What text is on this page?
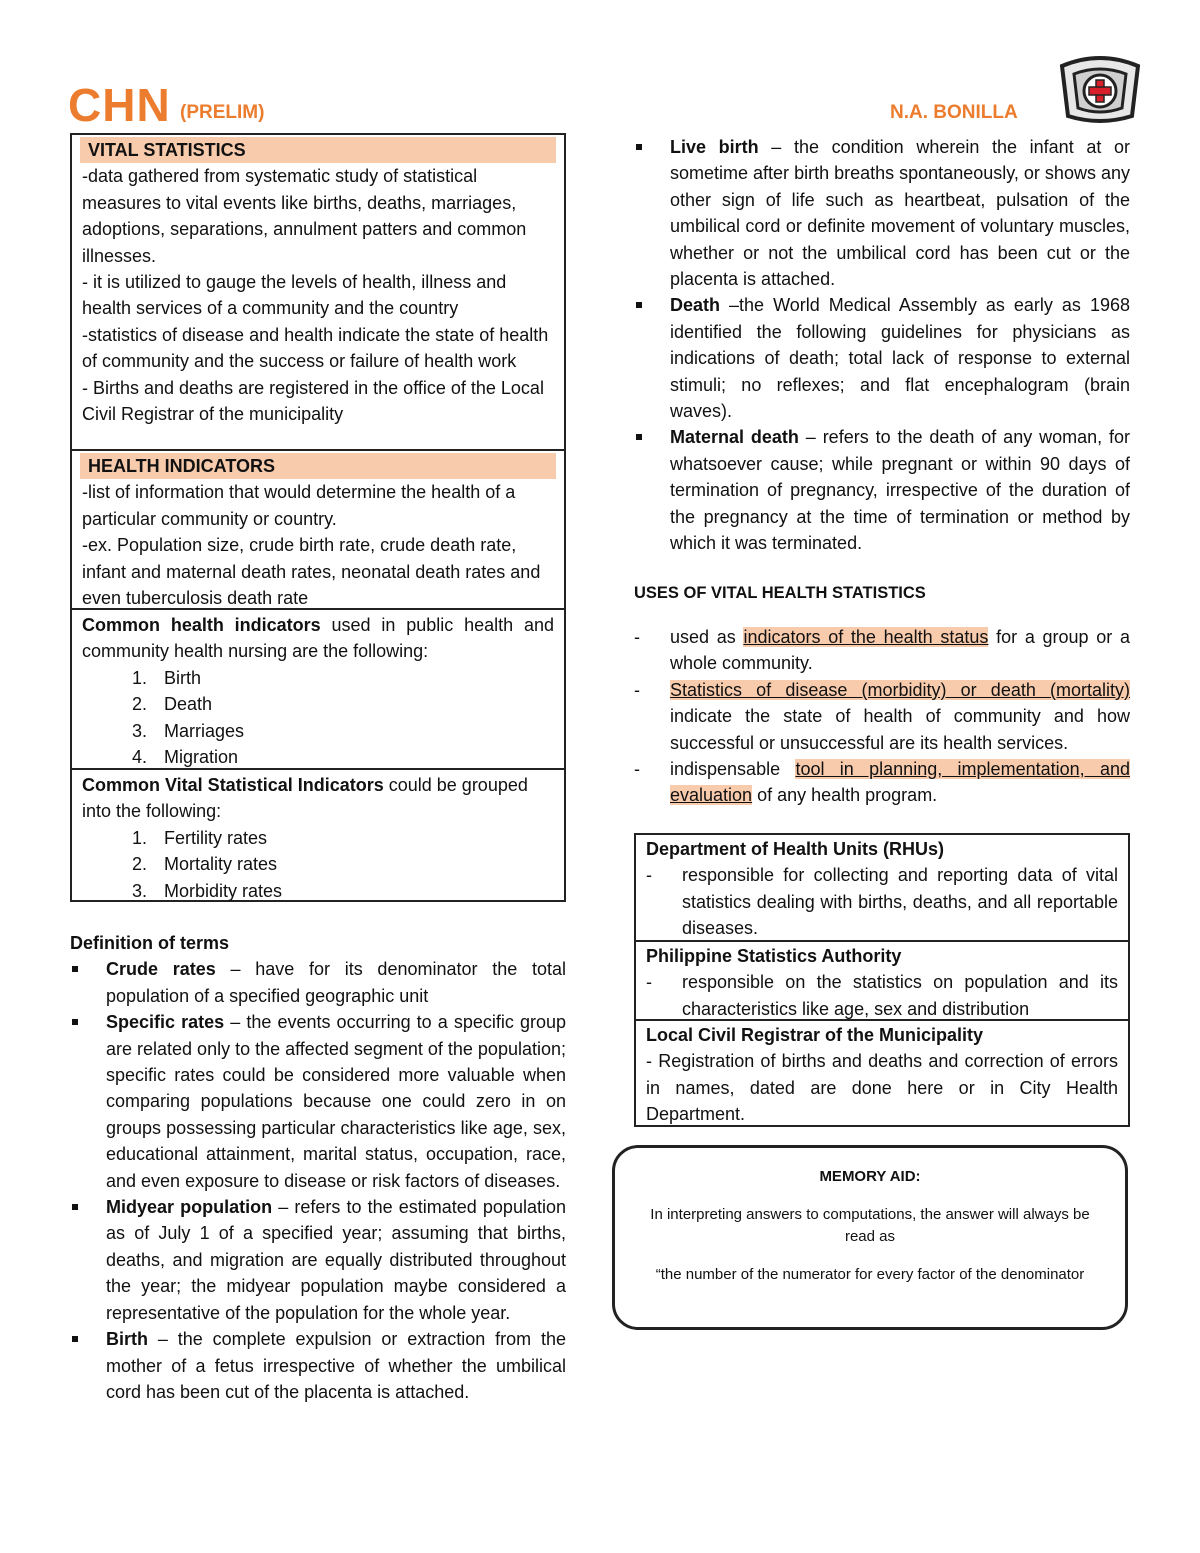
CHN (PRELIM)	N.A. BONILLA
VITAL STATISTICS
-data gathered from systematic study of statistical measures to vital events like births, deaths, marriages, adoptions, separations, annulment patters and common illnesses.
- it is utilized to gauge the levels of health, illness and health services of a community and the country
-statistics of disease and health indicate the state of health of community and the success or failure of health work
- Births and deaths are registered in the office of the Local Civil Registrar of the municipality
HEALTH INDICATORS
-list of information that would determine the health of a particular community or country.
-ex. Population size, crude birth rate, crude death rate, infant and maternal death rates, neonatal death rates and even tuberculosis death rate
Common health indicators used in public health and community health nursing are the following:
1. Birth
2. Death
3. Marriages
4. Migration
Common Vital Statistical Indicators could be grouped into the following:
1. Fertility rates
2. Mortality rates
3. Morbidity rates
Definition of terms
Crude rates – have for its denominator the total population of a specified geographic unit
Specific rates – the events occurring to a specific group are related only to the affected segment of the population; specific rates could be considered more valuable when comparing populations because one could zero in on groups possessing particular characteristics like age, sex, educational attainment, marital status, occupation, race, and even exposure to disease or risk factors of diseases.
Midyear population – refers to the estimated population as of July 1 of a specified year; assuming that births, deaths, and migration are equally distributed throughout the year; the midyear population maybe considered a representative of the population for the whole year.
Birth – the complete expulsion or extraction from the mother of a fetus irrespective of whether the umbilical cord has been cut of the placenta is attached.
Live birth – the condition wherein the infant at or sometime after birth breaths spontaneously, or shows any other sign of life such as heartbeat, pulsation of the umbilical cord or definite movement of voluntary muscles, whether or not the umbilical cord has been cut or the placenta is attached.
Death –the World Medical Assembly as early as 1968 identified the following guidelines for physicians as indications of death; total lack of response to external stimuli; no reflexes; and flat encephalogram (brain waves).
Maternal death – refers to the death of any woman, for whatsoever cause; while pregnant or within 90 days of termination of pregnancy, irrespective of the duration of the pregnancy at the time of termination or method by which it was terminated.
USES OF VITAL HEALTH STATISTICS
- used as indicators of the health status for a group or a whole community.
- Statistics of disease (morbidity) or death (mortality) indicate the state of health of community and how successful or unsuccessful are its health services.
- indispensable tool in planning, implementation, and evaluation of any health program.
Department of Health Units (RHUs)
- responsible for collecting and reporting data of vital statistics dealing with births, deaths, and all reportable diseases.
Philippine Statistics Authority
- responsible on the statistics on population and its characteristics like age, sex and distribution
Local Civil Registrar of the Municipality
- Registration of births and deaths and correction of errors in names, dated are done here or in City Health Department.

MEMORY AID:

In interpreting answers to computations, the answer will always be read as

“the number of the numerator for every factor of the denominator
